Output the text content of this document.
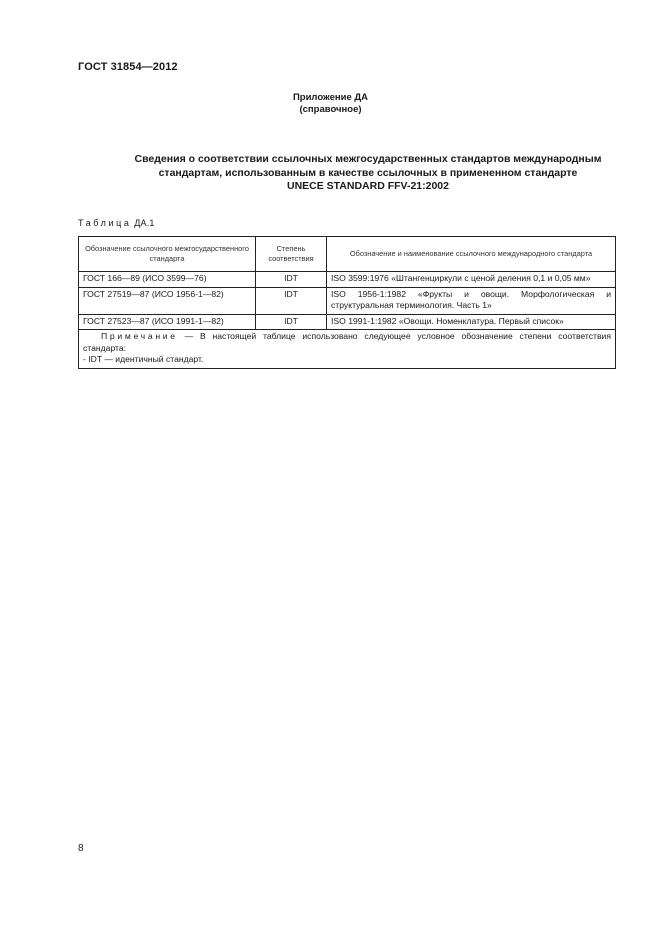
ГОСТ 31854—2012
Приложение ДА
(справочное)
Сведения о соответствии ссылочных межгосударственных стандартов международным
стандартам, использованным в качестве ссылочных в примененном стандарте
UNECE STANDARD FFV-21:2002
Таблица ДА.1
Обозначение ссылочного межгосударственного стандарта	Степень соответствия	Обозначение и наименование ссылочного международного стандарта
ГОСТ 166—89 (ИСО 3599—76)	IDT	ISO 3599:1976 «Штангенциркули с ценой деления 0,1 и 0,05 мм»
ГОСТ 27519—87 (ИСО 1956-1—82)	IDT	ISO 1956-1:1982 «Фрукты и овощи. Морфологическая и структуральная терминология. Часть 1»
ГОСТ 27523—87 (ИСО 1991-1—82)	IDT	ISO 1991-1:1982 «Овощи. Номенклатура. Первый список»
Примечание — В настоящей таблице использовано следующее условное обозначение степени соответствия стандарта:
- IDT — идентичный стандарт.		
8
